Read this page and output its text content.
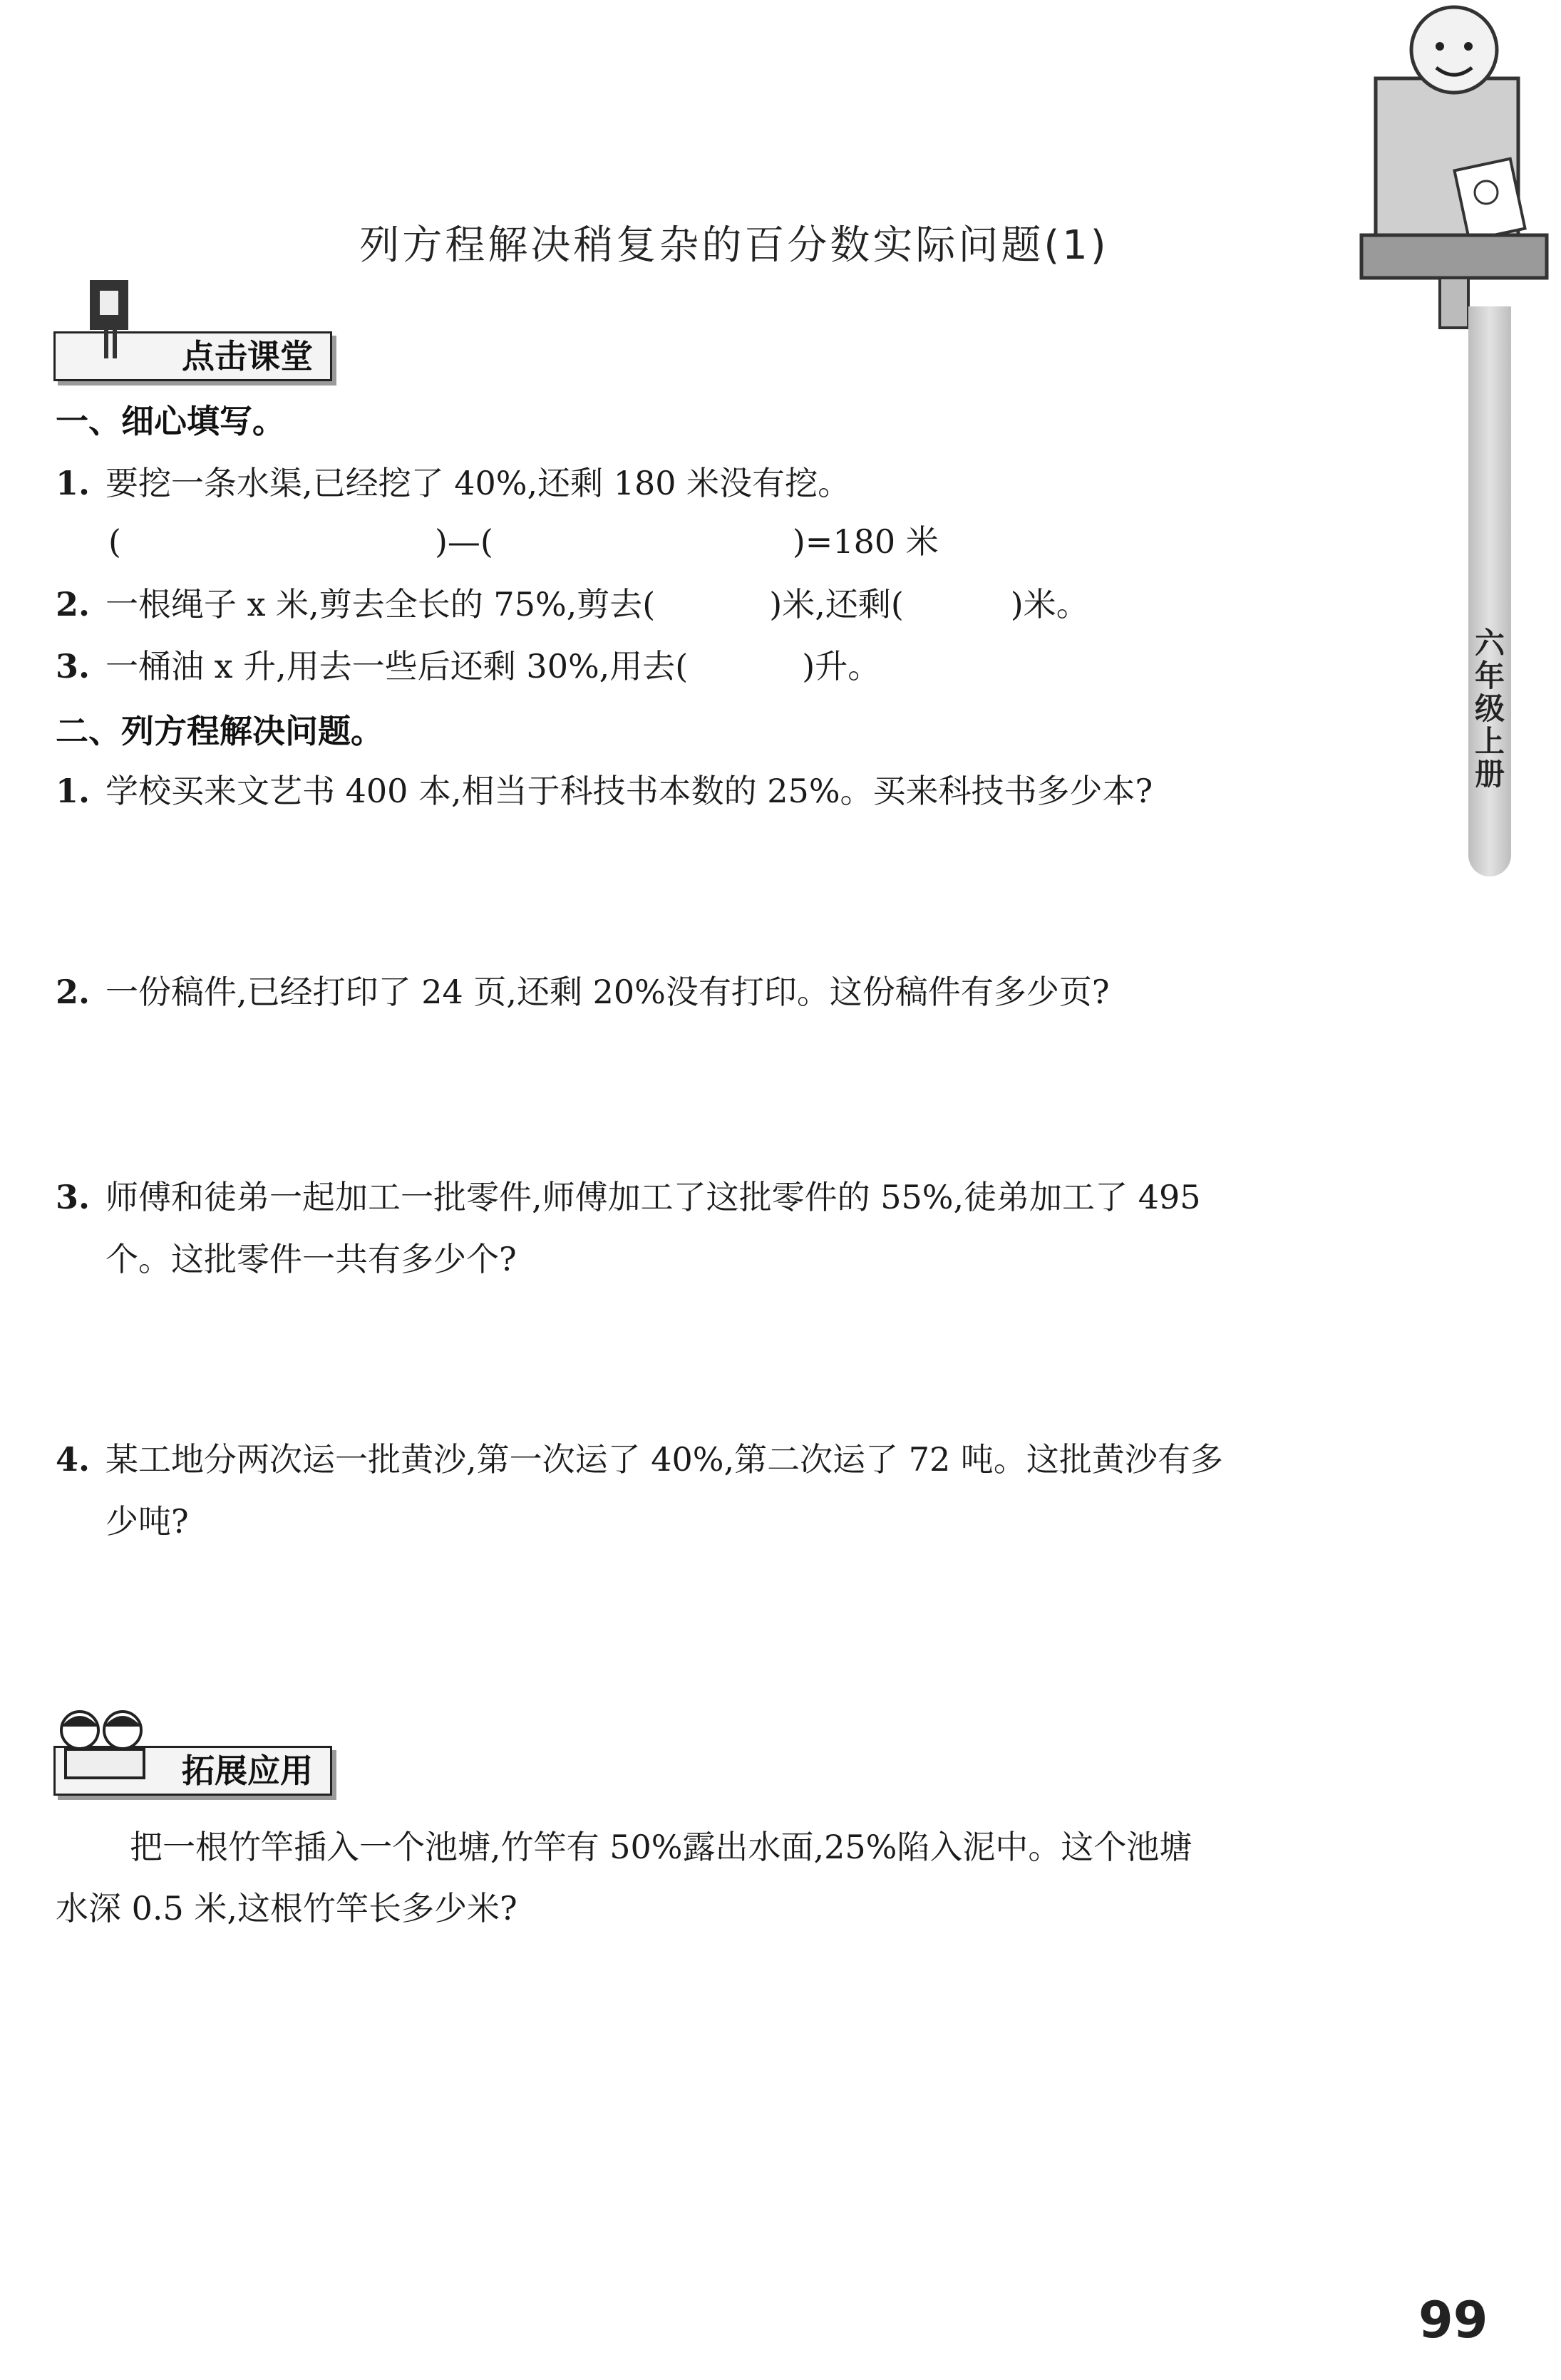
六
年
级
上
册
列方程解决稍复杂的百分数实际问题(1)
点击课堂
一、细心填写。
1. 要挖一条水渠,已经挖了 40%,还剩 180 米没有挖。
(	)—(	)=180 米
2. 一根绳子 x 米,剪去全长的 75%,剪去(	)米,还剩(	)米。
3. 一桶油 x 升,用去一些后还剩 30%,用去(	)升。
二、列方程解决问题。
1. 学校买来文艺书 400 本,相当于科技书本数的 25%。买来科技书多少本?
2. 一份稿件,已经打印了 24 页,还剩 20%没有打印。这份稿件有多少页?
3. 师傅和徒弟一起加工一批零件,师傅加工了这批零件的 55%,徒弟加工了 495
个。这批零件一共有多少个?
4. 某工地分两次运一批黄沙,第一次运了 40%,第二次运了 72 吨。这批黄沙有多
少吨?
拓展应用
把一根竹竿插入一个池塘,竹竿有 50%露出水面,25%陷入泥中。这个池塘
水深 0.5 米,这根竹竿长多少米?
99
